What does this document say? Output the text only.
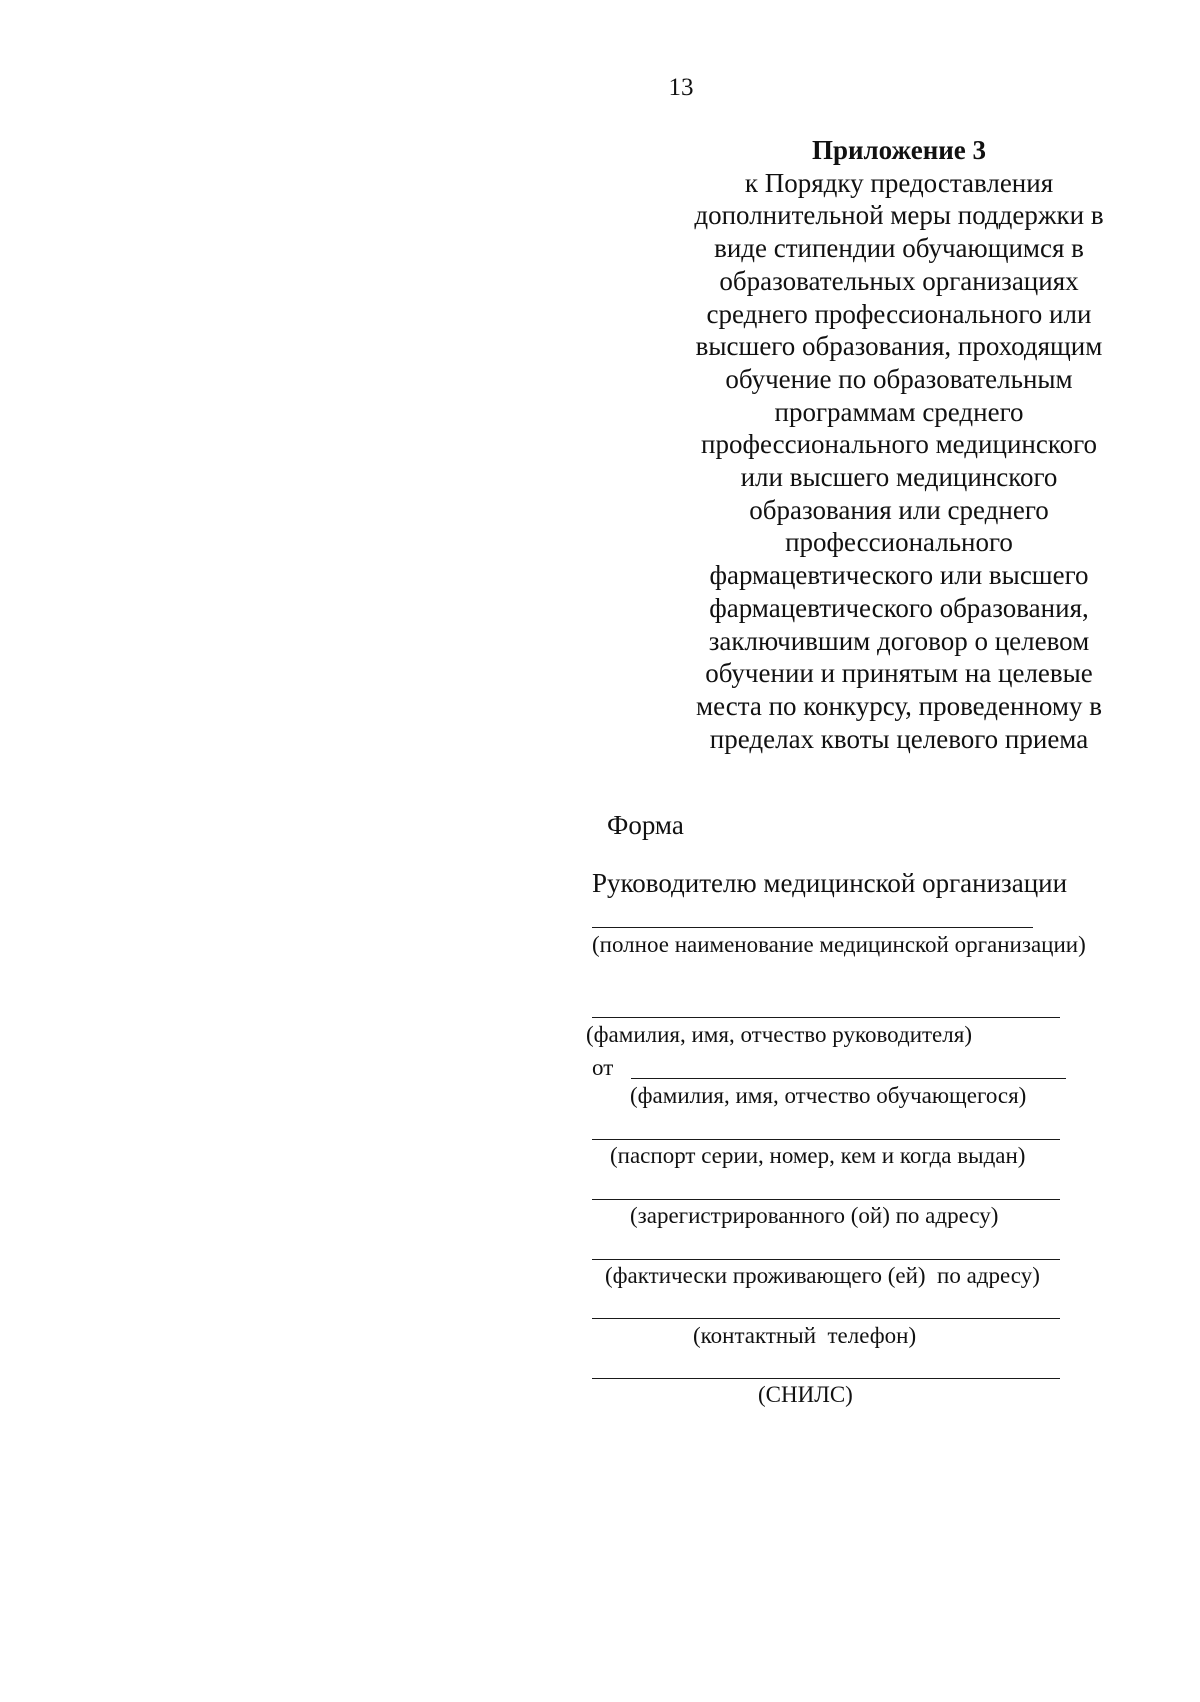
13
Приложение 3
к Порядку предоставления
дополнительной меры поддержки в
виде стипендии обучающимся в
образовательных организациях
среднего профессионального или
высшего образования, проходящим
обучение по образовательным
программам среднего
профессионального медицинского
или высшего медицинского
образования или среднего
профессионального
фармацевтического или высшего
фармацевтического образования,
заключившим договор о целевом
обучении и принятым на целевые
места по конкурсу, проведенному в
пределах квоты целевого приема
Форма
Руководителю медицинской организации
(полное наименование медицинской организации)
(фамилия, имя, отчество руководителя)
от
(фамилия, имя, отчество обучающегося)
(паспорт серии, номер, кем и когда выдан)
(зарегистрированного (ой) по адресу)
(фактически проживающего (ей)  по адресу)
(контактный  телефон)
(СНИЛС)
